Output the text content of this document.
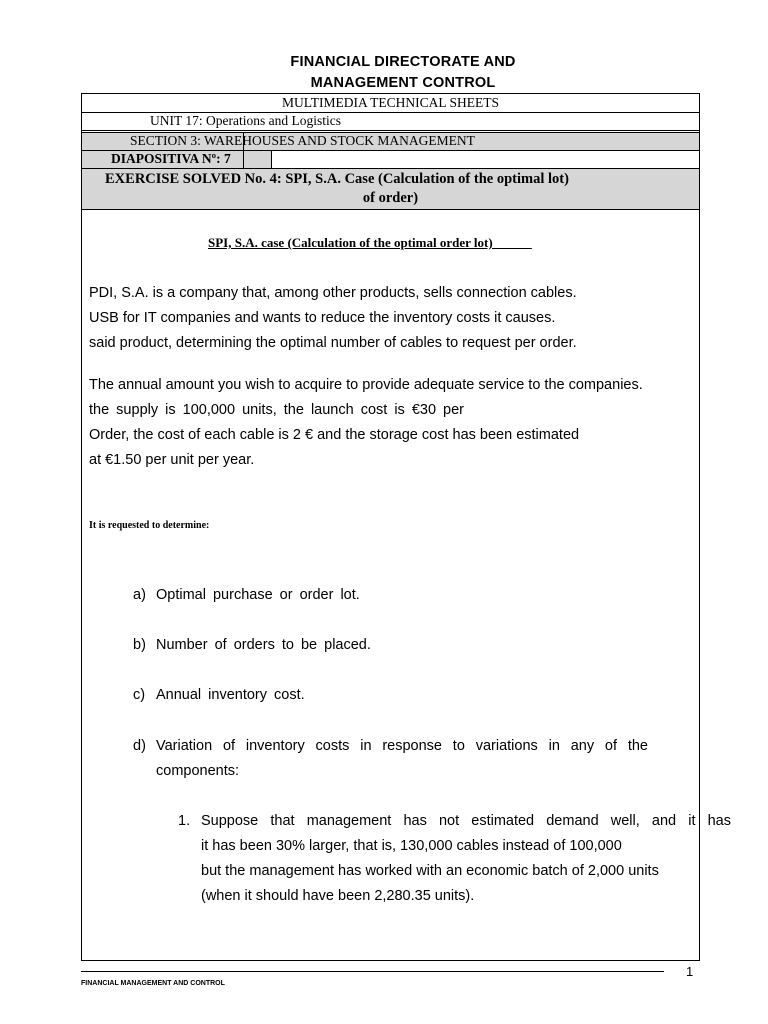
FINANCIAL DIRECTORATE AND
MANAGEMENT CONTROL
MULTIMEDIA TECHNICAL SHEETS
UNIT 17: Operations and Logistics
SECTION 3: WAREHOUSES AND STOCK MANAGEMENT
DIAPOSITIVA Nº: 7
EXERCISE SOLVED No. 4: SPI, S.A. Case (Calculation of the optimal lot)
of order)
SPI, S.A. case (Calculation of the optimal order lot)______
PDI, S.A. is a company that, among other products, sells connection cables.
USB for IT companies and wants to reduce the inventory costs it causes.
said product, determining the optimal number of cables to request per order.
The annual amount you wish to acquire to provide adequate service to the companies.
the supply is 100,000 units, the launch cost is €30 per
Order, the cost of each cable is 2 € and the storage cost has been estimated
at €1.50 per unit per year.
It is requested to determine:
a) Optimal purchase or order lot.
b) Number of orders to be placed.
c) Annual inventory cost.
d) Variation of inventory costs in response to variations in any of the
components:
1. Suppose that management has not estimated demand well, and it has
it has been 30% larger, that is, 130,000 cables instead of 100,000
but the management has worked with an economic batch of 2,000 units
(when it should have been 2,280.35 units).
1
FINANCIAL MANAGEMENT AND CONTROL
